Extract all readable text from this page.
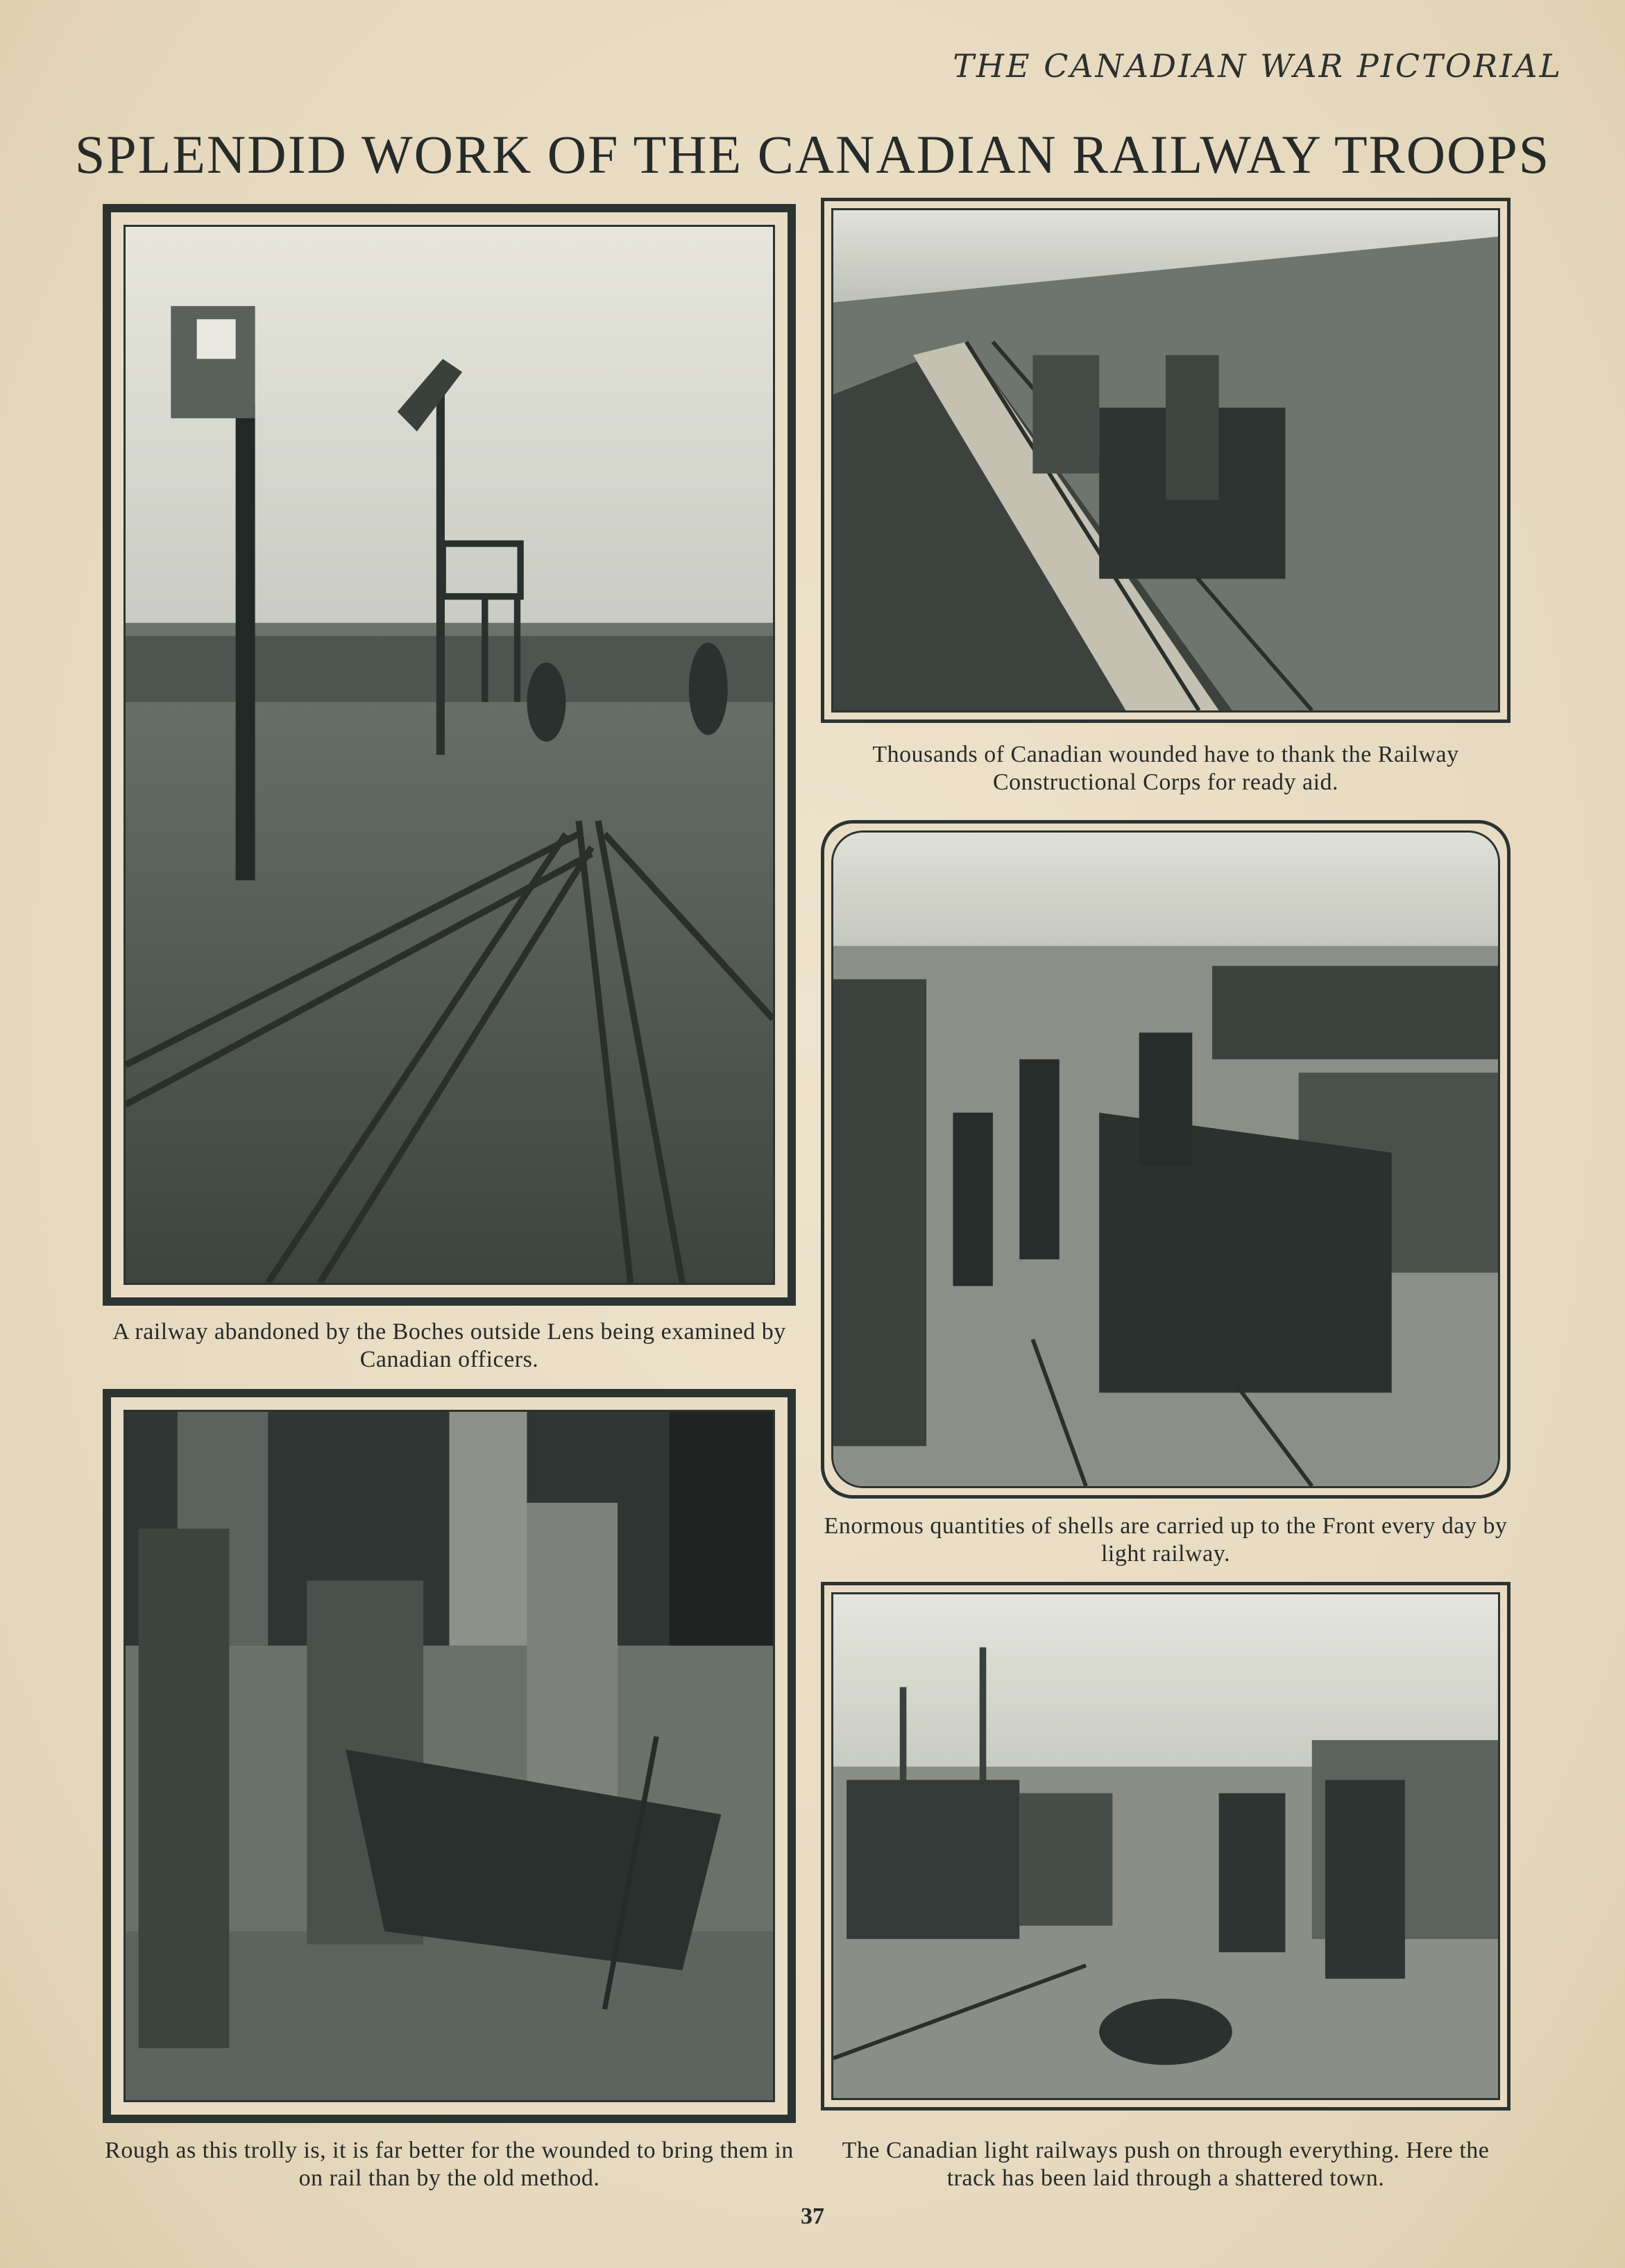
THE CANADIAN WAR PICTORIAL
SPLENDID WORK OF THE CANADIAN RAILWAY TROOPS
A railway abandoned by the Boches outside Lens being examined by Canadian officers.
Thousands of Canadian wounded have to thank the Railway Constructional Corps for ready aid.
Enormous quantities of shells are carried up to the Front every day by light railway.
Rough as this trolly is, it is far better for the wounded to bring them in on rail than by the old method.
The Canadian light railways push on through everything. Here the track has been laid through a shattered town.
37
